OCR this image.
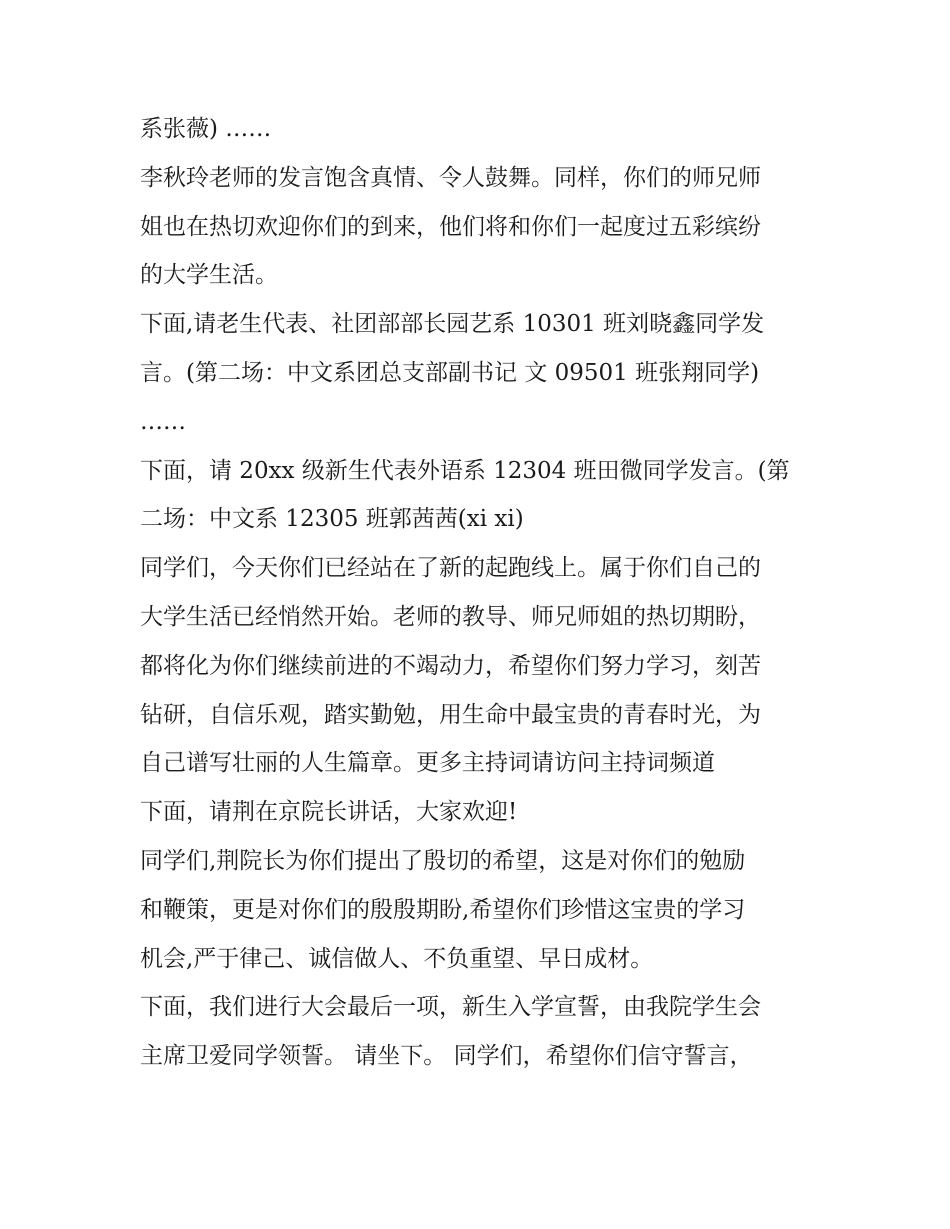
系张薇) ……
李秋玲老师的发言饱含真情、令人鼓舞。同样，你们的师兄师
姐也在热切欢迎你们的到来，他们将和你们一起度过五彩缤纷
的大学生活。
下面,请老生代表、社团部部长园艺系 10301 班刘晓鑫同学发
言。(第二场：中文系团总支部副书记 文 09501 班张翔同学)
……
下面，请 20xx 级新生代表外语系 12304 班田微同学发言。(第
二场：中文系 12305 班郭茜茜(xi xi)
同学们，今天你们已经站在了新的起跑线上。属于你们自己的
大学生活已经悄然开始。老师的教导、师兄师姐的热切期盼，
都将化为你们继续前进的不竭动力，希望你们努力学习，刻苦
钻研，自信乐观，踏实勤勉，用生命中最宝贵的青春时光，为
自己谱写壮丽的人生篇章。更多主持词请访问主持词频道
下面，请荆在京院长讲话，大家欢迎!
同学们,荆院长为你们提出了殷切的希望，这是对你们的勉励
和鞭策，更是对你们的殷殷期盼,希望你们珍惜这宝贵的学习
机会,严于律己、诚信做人、不负重望、早日成材。
下面，我们进行大会最后一项，新生入学宣誓，由我院学生会
主席卫爱同学领誓。 请坐下。 同学们，希望你们信守誓言，
